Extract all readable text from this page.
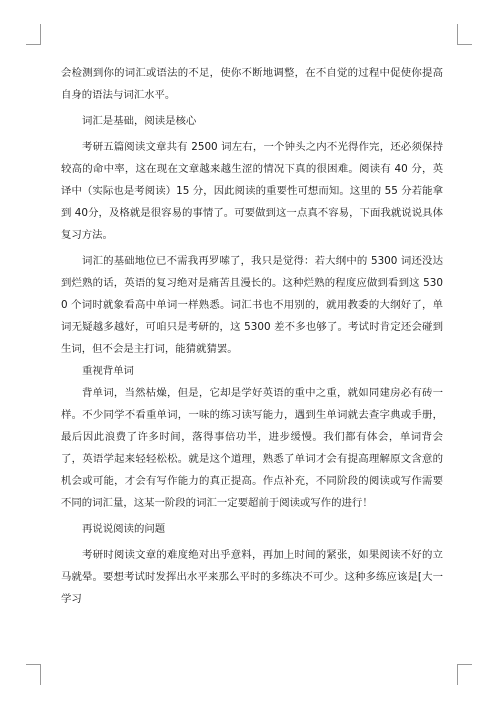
会检测到你的词汇或语法的不足，使你不断地调整，在不自觉的过程中促使你提高自身的语法与词汇水平。

词汇是基础，阅读是核心

考研五篇阅读文章共有 2500 词左右，一个钟头之内不光得作完，还必须保持较高的命中率，这在现在文章越来越生涩的情况下真的很困难。阅读有 40 分，英译中（实际也是考阅读）15 分，因此阅读的重要性可想而知。这里的 55 分若能拿到 40分，及格就是很容易的事情了。可要做到这一点真不容易，下面我就说说具体复习方法。

词汇的基础地位已不需我再罗嗦了，我只是觉得：若大纲中的 5300 词还没达到烂熟的话，英语的复习绝对是痛苦且漫长的。这种烂熟的程度应做到看到这 5300 个词时就象看高中单词一样熟悉。词汇书也不用别的，就用教委的大纲好了，单词无疑越多越好，可咱只是考研的，这 5300 差不多也够了。考试时肯定还会碰到生词，但不会是主打词，能猜就猜罢。

重视背单词

背单词，当然枯燥，但是，它却是学好英语的重中之重，就如同建房必有砖一样。不少同学不看重单词，一味的练习读写能力，遇到生单词就去查字典或手册，最后因此浪费了许多时间，落得事倍功半，进步缓慢。我们都有体会，单词背会了，英语学起来轻轻松松。就是这个道理，熟悉了单词才会有提高理解原文含意的机会或可能，才会有写作能力的真正提高。作点补充，不同阶段的阅读或写作需要不同的词汇量，这某一阶段的词汇一定要超前于阅读或写作的进行！

再说说阅读的问题

考研时阅读文章的难度绝对出乎意料，再加上时间的紧张，如果阅读不好的立马就晕。要想考试时发挥出水平来那么平时的多练决不可少。这种多练应该是[大一学习
